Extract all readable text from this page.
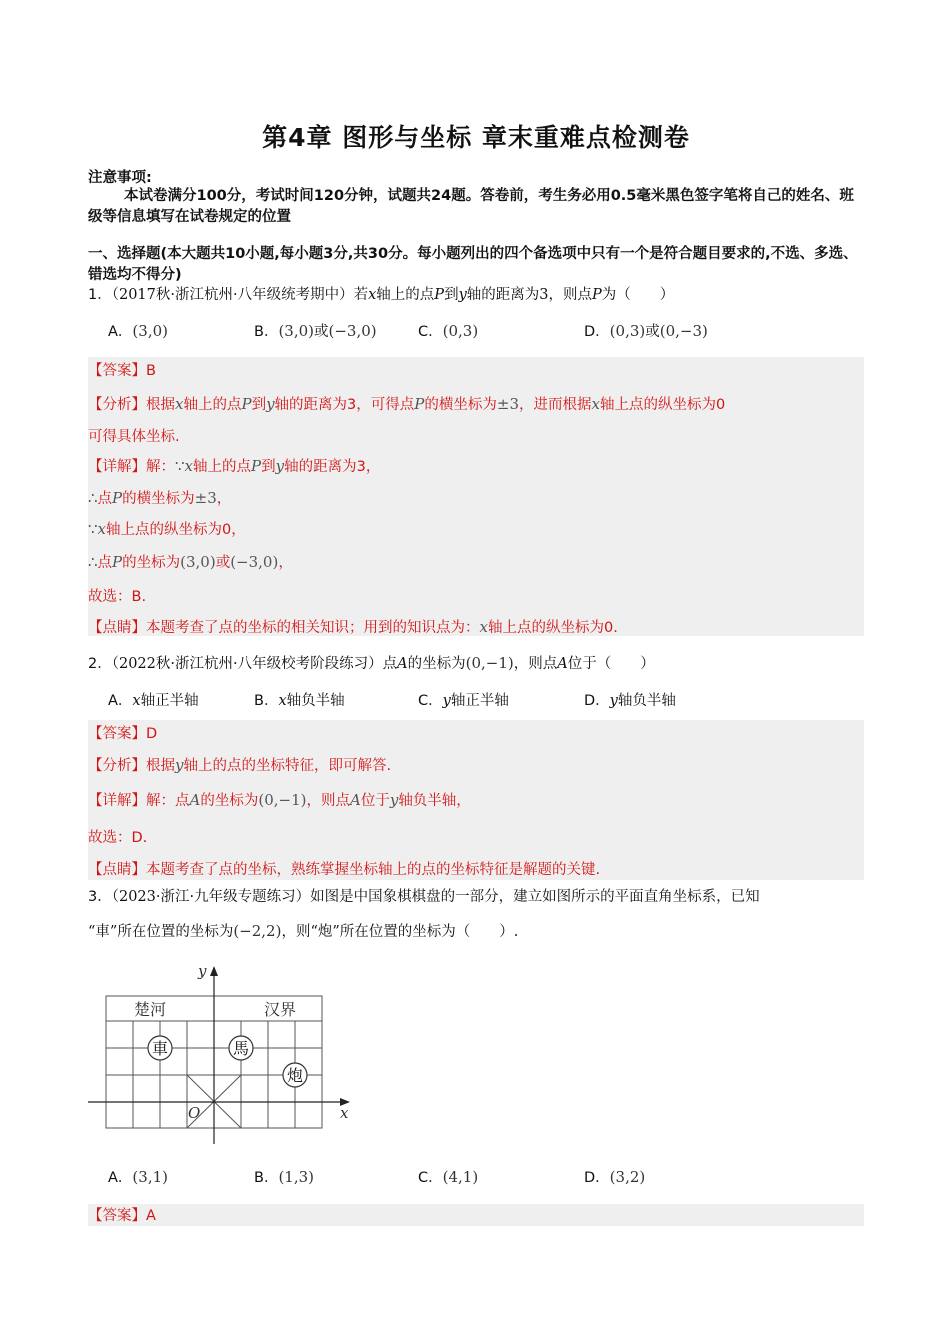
第4章 图形与坐标 章末重难点检测卷
注意事项:
本试卷满分100分，考试时间120分钟，试题共24题。答卷前，考生务必用0.5毫米黑色签字笔将自己的姓名、班级等信息填写在试卷规定的位置
一、选择题(本大题共10小题,每小题3分,共30分。每小题列出的四个备选项中只有一个是符合题目要求的,不选、多选、错选均不得分)
1．（2017秋·浙江杭州·八年级统考期中）若x轴上的点P到y轴的距离为3，则点P为（　　）
A．(3,0)	B．(3,0)或(−3,0)	C．(0,3)	D．(0,3)或(0,−3)
【答案】B
【分析】根据x轴上的点P到y轴的距离为3，可得点P的横坐标为±3，进而根据x轴上点的纵坐标为0
可得具体坐标.
【详解】解：∵x轴上的点P到y轴的距离为3，
∴点P的横坐标为±3，
∵x轴上点的纵坐标为0，
∴点P的坐标为(3,0)或(−3,0)，
故选：B.
【点睛】本题考查了点的坐标的相关知识；用到的知识点为：x轴上点的纵坐标为0.
2．（2022秋·浙江杭州·八年级校考阶段练习）点A的坐标为(0,−1)，则点A位于（　　）
A．x轴正半轴	B．x轴负半轴	C．y轴正半轴	D．y轴负半轴
【答案】D
【分析】根据y轴上的点的坐标特征，即可解答.
【详解】解：点A的坐标为(0,−1)，则点A位于y轴负半轴，
故选：D.
【点睛】本题考查了点的坐标，熟练掌握坐标轴上的点的坐标特征是解题的关键.
3．（2023·浙江·九年级专题练习）如图是中国象棋棋盘的一部分，建立如图所示的平面直角坐标系，已知
“車”所在位置的坐标为(−2,2)，则“炮”所在位置的坐标为（　　）.
楚河	汉界
車	馬
炮
x
y
O
A．(3,1)	B．(1,3)	C．(4,1)	D．(3,2)
【答案】A
